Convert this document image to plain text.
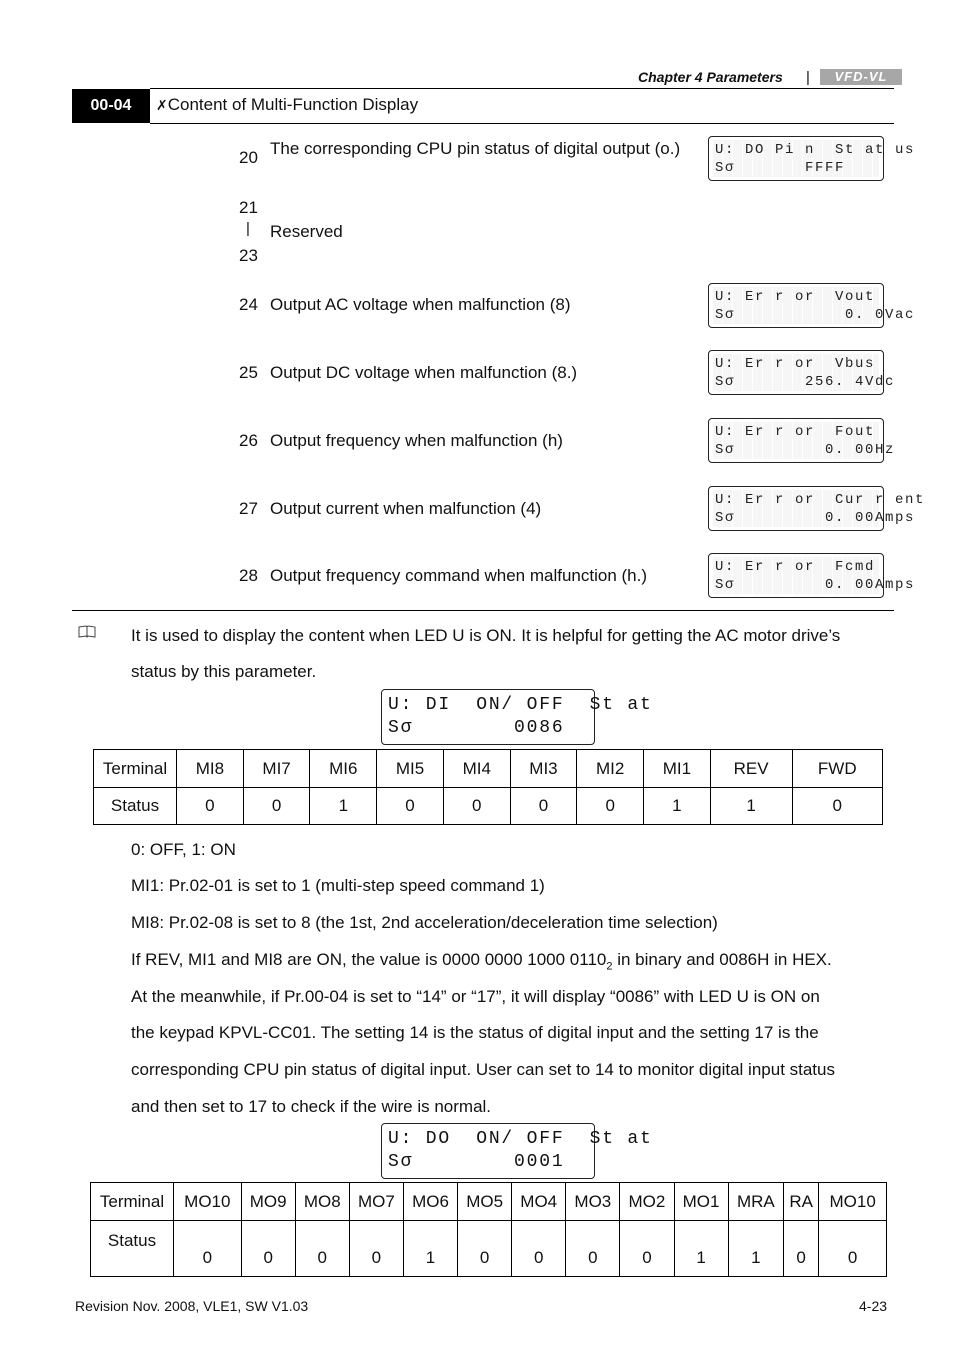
Chapter 4 Parameters |	VFD-VL
00-04	✗Content of Multi-Function Display
20 The corresponding CPU pin status of digital output (o.)	U: DO Pi n  St at us
Sσ       FFFF
21
|
23
Reserved
24 Output AC voltage when malfunction (8)	U: Er r or  Vout
Sσ           0. 0Vac
25 Output DC voltage when malfunction (8.)	U: Er r or  Vbus
Sσ       256. 4Vdc
26 Output frequency when malfunction (h)	U: Er r or  Fout
Sσ         0. 00Hz
27 Output current when malfunction (4)	U: Er r or  Cur r ent
Sσ         0. 00Amps
28 Output frequency command when malfunction (h.)	U: Er r or  Fcmd
Sσ         0. 00Amps
It is used to display the content when LED U is ON. It is helpful for getting the AC motor drive’s
status by this parameter.
U: DI  ON/ OFF  St at
Sσ        0086
Terminal	MI8	MI7	MI6	MI5	MI4	MI3	MI2	MI1	REV	FWD
Status	0	0	1	0	0	0	0	1	1	0
0: OFF, 1: ON
MI1: Pr.02-01 is set to 1 (multi-step speed command 1)
MI8: Pr.02-08 is set to 8 (the 1st, 2nd acceleration/deceleration time selection)
If REV, MI1 and MI8 are ON, the value is 0000 0000 1000 $0110_2$ in binary and 0086H in HEX.
At the meanwhile, if Pr.00-04 is set to “14” or “17”, it will display “0086” with LED U is ON on
the keypad KPVL-CC01. The setting 14 is the status of digital input and the setting 17 is the
corresponding CPU pin status of digital input. User can set to 14 to monitor digital input status
and then set to 17 to check if the wire is normal.
U: DO  ON/ OFF  St at
Sσ        0001
Terminal	MO10	MO9	MO8	MO7	MO6	MO5	MO4	MO3	MO2	MO1	MRA	RA	MO10
Status	0	0	0	0	1	0	0	0	0	1	1	0	0
Revision Nov. 2008, VLE1, SW V1.03	4-23
